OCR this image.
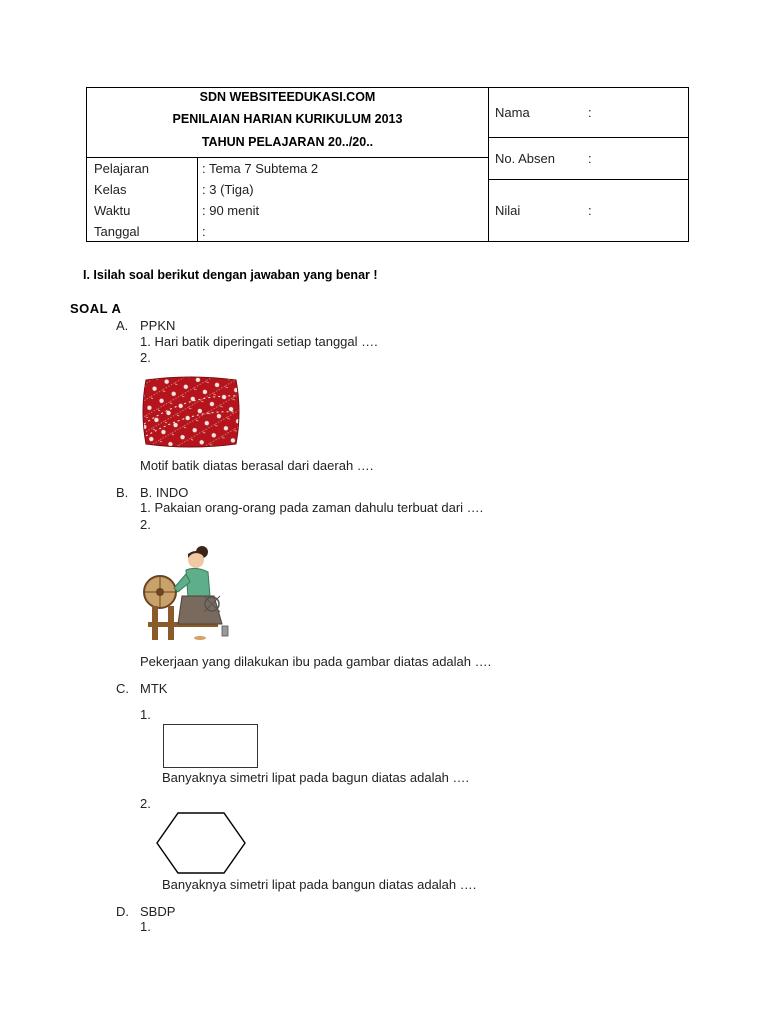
SDN WEBSITEEDUKASI.COM
PENILAIAN HARIAN KURIKULUM 2013
TAHUN PELAJARAN 20../20..
Pelajaran	: Tema 7 Subtema 2
Kelas	: 3 (Tiga)
Waktu	: 90 menit
Tanggal	:
Nama	:
No. Absen	:
Nilai	:
I. Isilah soal berikut dengan jawaban yang benar !
SOAL A
A. PPKN
1. Hari batik diperingati setiap tanggal ….
2.
Motif batik diatas berasal dari daerah ….
B. B. INDO
1. Pakaian orang-orang pada zaman dahulu terbuat dari ….
2.
Pekerjaan yang dilakukan ibu pada gambar diatas adalah ….
C. MTK
1.
Banyaknya simetri lipat pada bagun diatas adalah ….
2.
Banyaknya simetri lipat pada bangun diatas adalah ….
D. SBDP
1.
